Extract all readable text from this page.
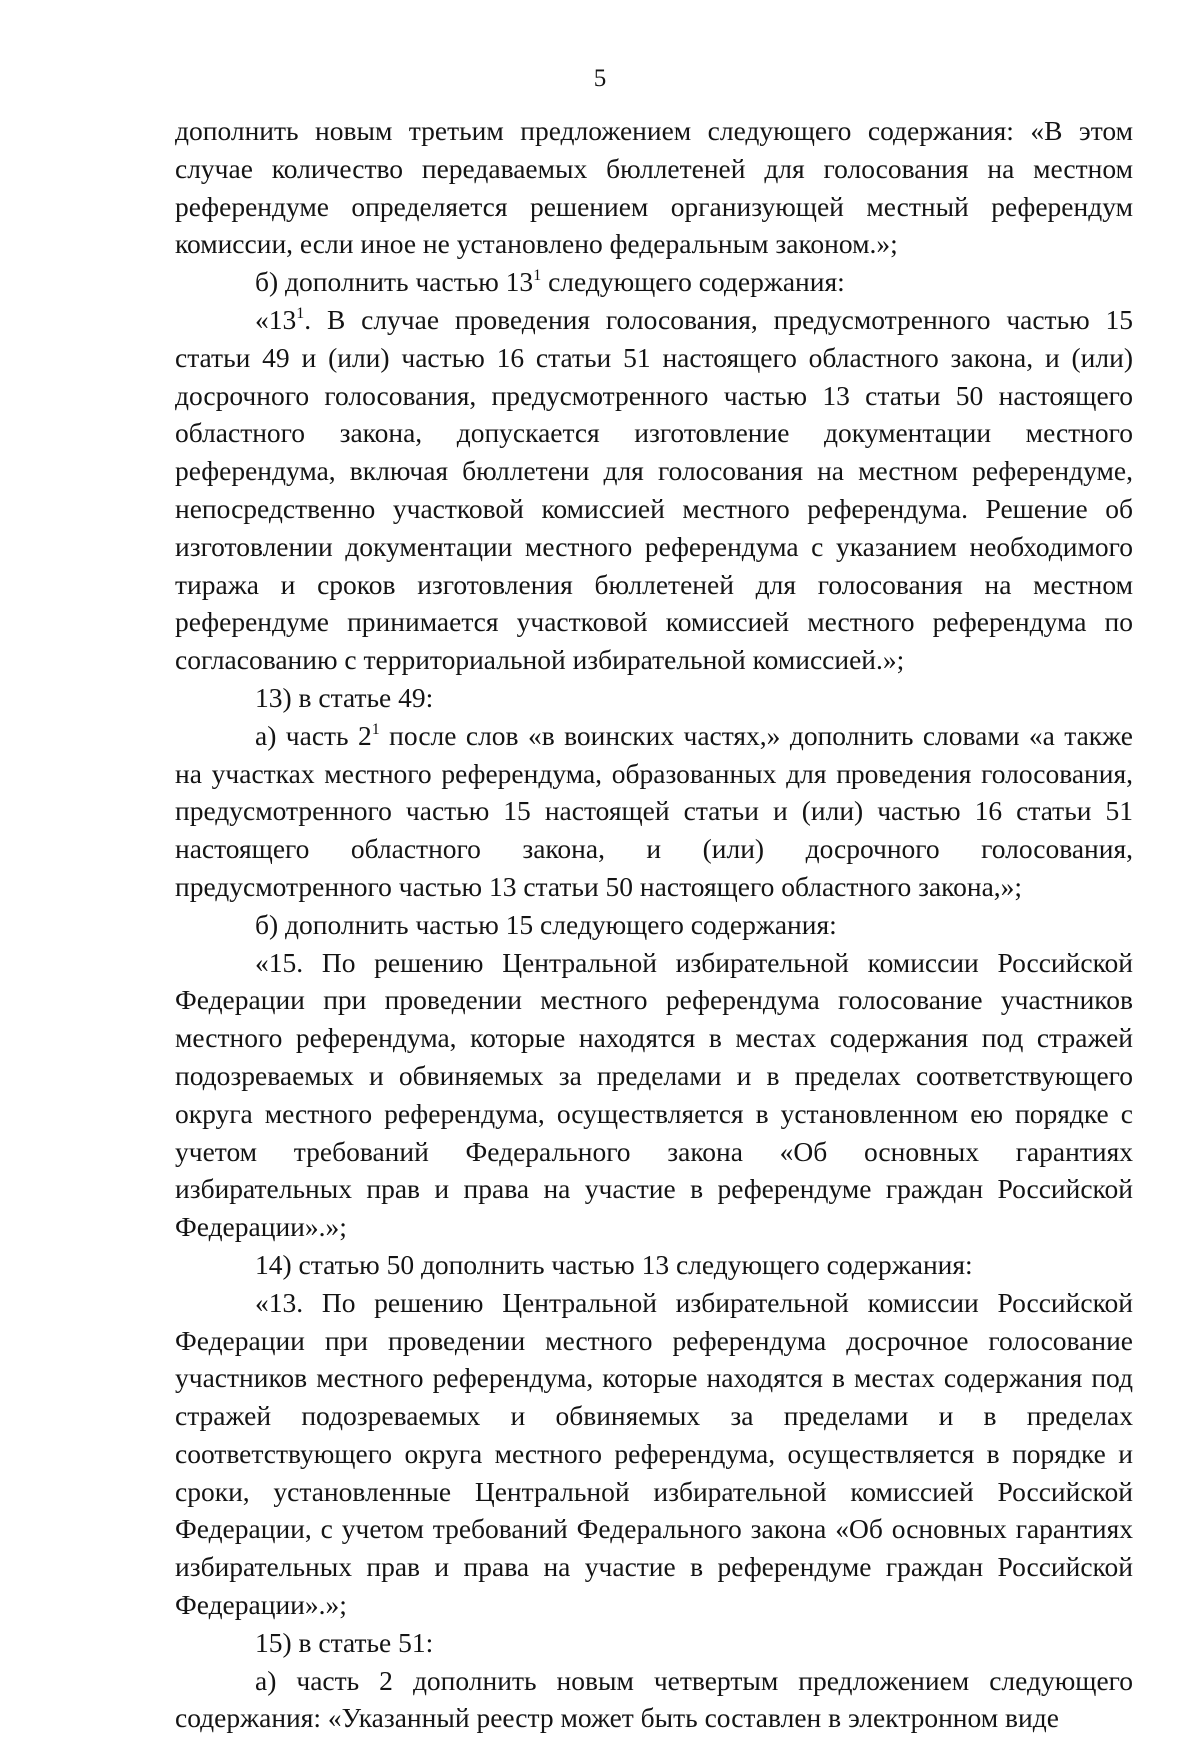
5

дополнить новым третьим предложением следующего содержания: «В этом случае количество передаваемых бюллетеней для голосования на местном референдуме определяется решением организующей местный референдум комиссии, если иное не установлено федеральным законом.»;

б) дополнить частью $13^1$ следующего содержания:

«$13^1$. В случае проведения голосования, предусмотренного частью 15 статьи 49 и (или) частью 16 статьи 51 настоящего областного закона, и (или) досрочного голосования, предусмотренного частью 13 статьи 50 настоящего областного закона, допускается изготовление документации местного референдума, включая бюллетени для голосования на местном референдуме, непосредственно участковой комиссией местного референдума. Решение об изготовлении документации местного референдума с указанием необходимого тиража и сроков изготовления бюллетеней для голосования на местном референдуме принимается участковой комиссией местного референдума по согласованию с территориальной избирательной комиссией.»;

13) в статье 49:

а) часть $2^1$ после слов «в воинских частях,» дополнить словами «а также на участках местного референдума, образованных для проведения голосования, предусмотренного частью 15 настоящей статьи и (или) частью 16 статьи 51 настоящего областного закона, и (или) досрочного голосования, предусмотренного частью 13 статьи 50 настоящего областного закона,»;

б) дополнить частью 15 следующего содержания:

«15. По решению Центральной избирательной комиссии Российской Федерации при проведении местного референдума голосование участников местного референдума, которые находятся в местах содержания под стражей подозреваемых и обвиняемых за пределами и в пределах соответствующего округа местного референдума, осуществляется в установленном ею порядке с учетом требований Федерального закона «Об основных гарантиях избирательных прав и права на участие в референдуме граждан Российской Федерации».»;

14) статью 50 дополнить частью 13 следующего содержания:

«13. По решению Центральной избирательной комиссии Российской Федерации при проведении местного референдума досрочное голосование участников местного референдума, которые находятся в местах содержания под стражей подозреваемых и обвиняемых за пределами и в пределах соответствующего округа местного референдума, осуществляется в порядке и сроки, установленные Центральной избирательной комиссией Российской Федерации, с учетом требований Федерального закона «Об основных гарантиях избирательных прав и права на участие в референдуме граждан Российской Федерации».»;

15) в статье 51:

а) часть 2 дополнить новым четвертым предложением следующего содержания: «Указанный реестр может быть составлен в электронном виде
